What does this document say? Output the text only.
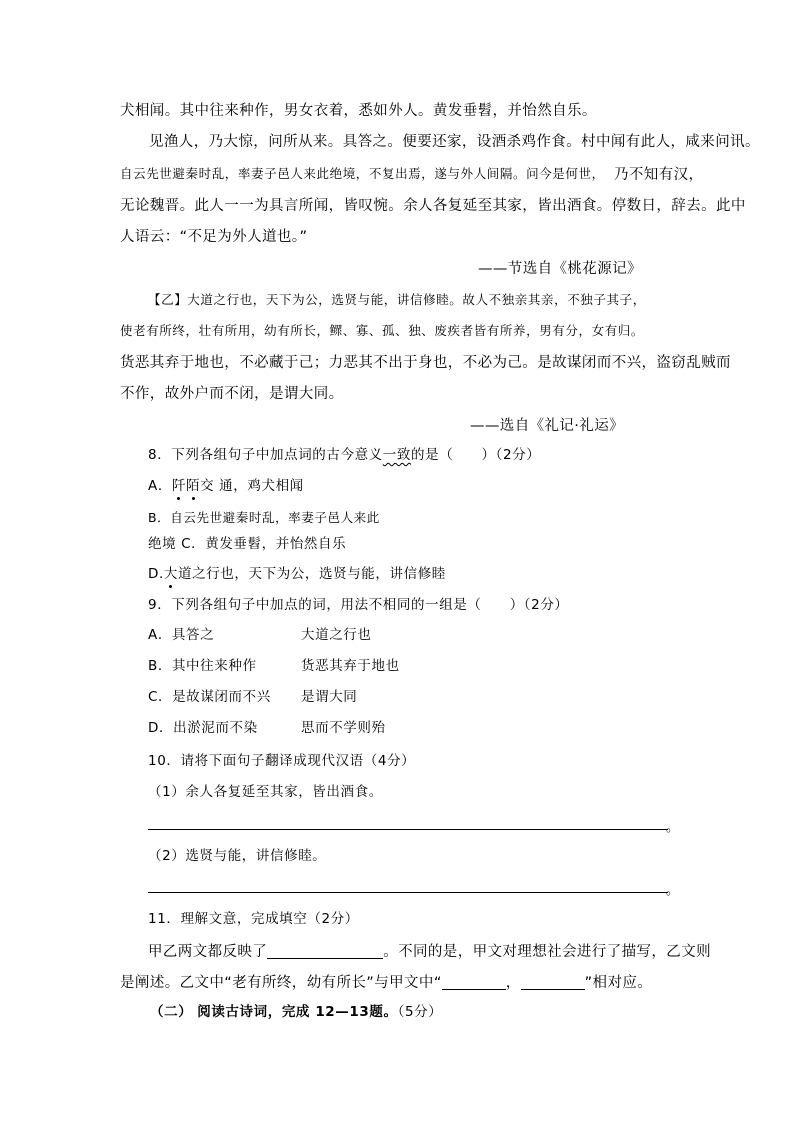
犬相闻。其中往来种作，男女衣着，悉如外人。黄发垂髫，并怡然自乐。
见渔人，乃大惊，问所从来。具答之。便要还家，设酒杀鸡作食。村中闻有此人，咸来问讯。
自云先世避秦时乱，率妻子邑人来此绝境，不复出焉，遂与外人间隔。问今是何世， 乃不知有汉，
无论魏晋。此人一一为具言所闻，皆叹惋。余人各复延至其家，皆出酒食。停数日，辞去。此中
人语云：“不足为外人道也。”
——节选自《桃花源记》
【乙】大道之行也，天下为公，选贤与能，讲信修睦。故人不独亲其亲，不独子其子，
使老有所终，壮有所用，幼有所长，鳏、寡、孤、独、废疾者皆有所养，男有分，女有归。
货恶其弃于地也，不必藏于己；力恶其不出于身也，不必为己。是故谋闭而不兴，盗窃乱贼而
不作，故外户而不闭，是谓大同。
——选自《礼记·礼运》
8．下列各组句子中加点词的古今意义一致的是（　　）（2分）
A．阡陌交 通，鸡犬相闻
B．自云先世避秦时乱，率妻子邑人来此
绝境 C．黄发垂髫，并怡然自乐
D.大道之行也，天下为公，选贤与能，讲信修睦
9．下列各组句子中加点的词，用法不相同的一组是（　　）（2分）
A．具答之	大道之行也
B．其中往来种作	货恶其弃于地也
C．是故谋闭而不兴 是谓大同
D．出淤泥而不染	思而不学则殆
10．请将下面句子翻译成现代汉语（4分）
（1）余人各复延至其家，皆出酒食。
。
（2）选贤与能，讲信修睦。
。
11．理解文意，完成填空（2分）
甲乙两文都反映了	。不同的是，甲文对理想社会进行了描写，乙文则
是阐述。乙文中“老有所终，幼有所长”与甲文中“	，	”相对应。
（二） 阅读古诗词，完成 12—13题。（5分）
